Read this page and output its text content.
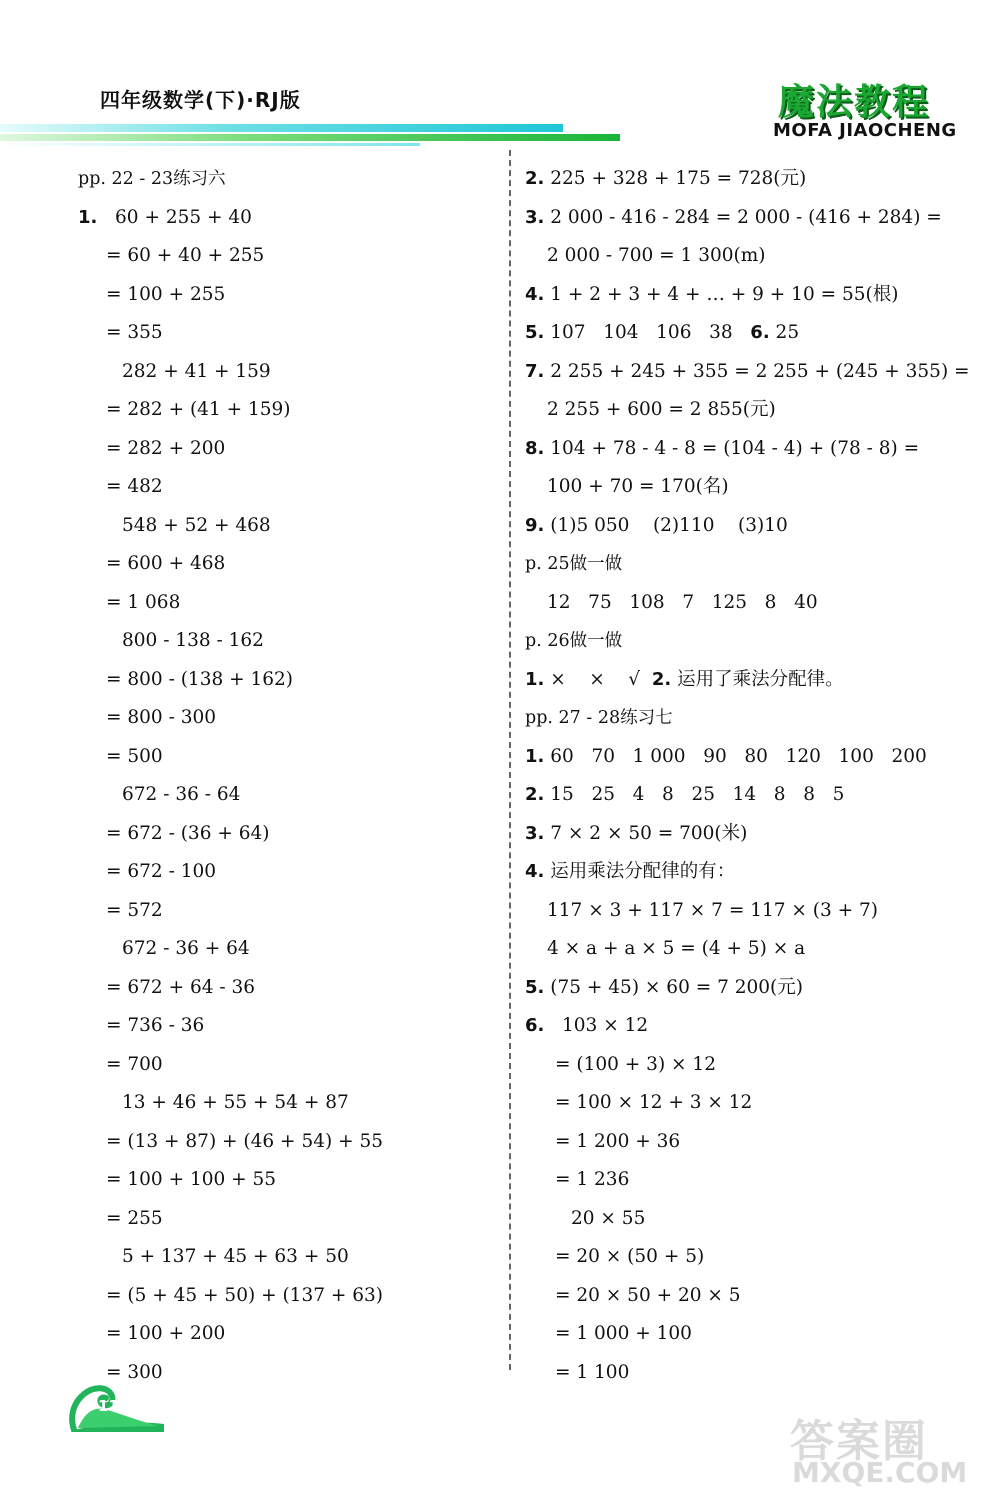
四年级数学(下)·RJ版	魔法教程
MOFA JIAOCHENG
pp. 22 - 23练习六
1.   60 + 255 + 40
= 60 + 40 + 255
= 100 + 255
= 355
282 + 41 + 159
= 282 + (41 + 159)
= 282 + 200
= 482
548 + 52 + 468
= 600 + 468
= 1 068
800 - 138 - 162
= 800 - (138 + 162)
= 800 - 300
= 500
672 - 36 - 64
= 672 - (36 + 64)
= 672 - 100
= 572
672 - 36 + 64
= 672 + 64 - 36
= 736 - 36
= 700
13 + 46 + 55 + 54 + 87
= (13 + 87) + (46 + 54) + 55
= 100 + 100 + 55
= 255
5 + 137 + 45 + 63 + 50
= (5 + 45 + 50) + (137 + 63)
= 100 + 200
= 300
2. 225 + 328 + 175 = 728(元)
3. 2 000 - 416 - 284 = 2 000 - (416 + 284) =
2 000 - 700 = 1 300(m)
4. 1 + 2 + 3 + 4 + … + 9 + 10 = 55(根)
5. 107   104   106   38   6. 25
7. 2 255 + 245 + 355 = 2 255 + (245 + 355) =
2 255 + 600 = 2 855(元)
8. 104 + 78 - 4 - 8 = (104 - 4) + (78 - 8) =
100 + 70 = 170(名)
9. (1)5 050    (2)110    (3)10
p. 25做一做
12   75   108   7   125   8   40
p. 26做一做
1. ×    ×    √  2. 运用了乘法分配律。
pp. 27 - 28练习七
1. 60   70   1 000   90   80   120   100   200
2. 15   25   4   8   25   14   8   8   5
3. 7 × 2 × 50 = 700(米)
4. 运用乘法分配律的有：
117 × 3 + 117 × 7 = 117 × (3 + 7)
4 × a + a × 5 = (4 + 5) × a
5. (75 + 45) × 60 = 7 200(元)
6.   103 × 12
= (100 + 3) × 12
= 100 × 12 + 3 × 12
= 1 200 + 36
= 1 236
20 × 55
= 20 × (50 + 5)
= 20 × 50 + 20 × 5
= 1 000 + 100
= 1 100
114
答案圈
MXQE.COM
